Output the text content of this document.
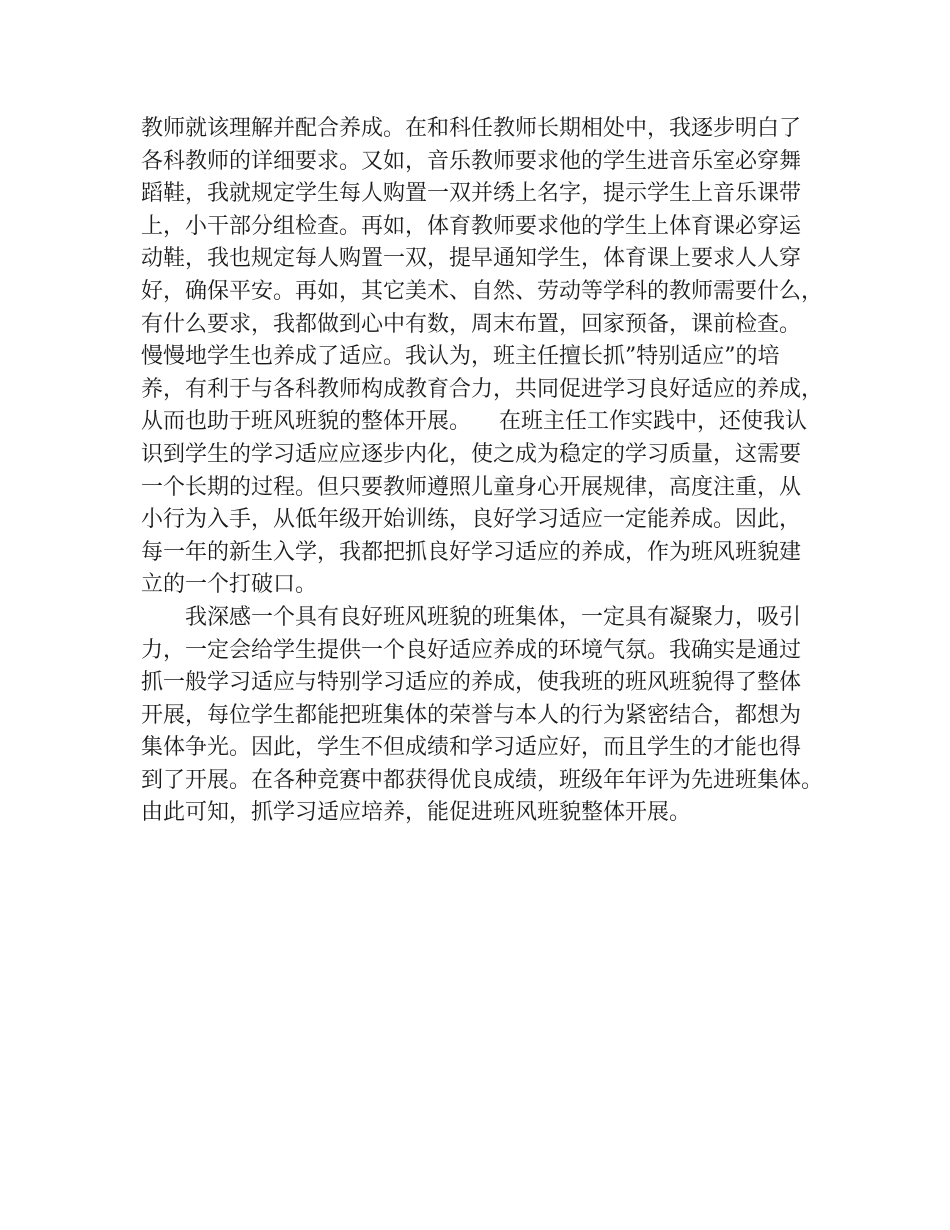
教师就该理解并配合养成。在和科任教师长期相处中，我逐步明白了
各科教师的详细要求。又如，音乐教师要求他的学生进音乐室必穿舞
蹈鞋，我就规定学生每人购置一双并绣上名字，提示学生上音乐课带
上，小干部分组检查。再如，体育教师要求他的学生上体育课必穿运
动鞋，我也规定每人购置一双，提早通知学生，体育课上要求人人穿
好，确保平安。再如，其它美术、自然、劳动等学科的教师需要什么，
有什么要求，我都做到心中有数，周末布置，回家预备，课前检查。
慢慢地学生也养成了适应。我认为，班主任擅长抓”特别适应”的培
养，有利于与各科教师构成教育合力，共同促进学习良好适应的养成，
从而也助于班风班貌的整体开展。    在班主任工作实践中，还使我认
识到学生的学习适应应逐步内化，使之成为稳定的学习质量，这需要
一个长期的过程。但只要教师遵照儿童身心开展规律，高度注重，从
小行为入手，从低年级开始训练，良好学习适应一定能养成。因此，
每一年的新生入学，我都把抓良好学习适应的养成，作为班风班貌建
立的一个打破口。
我深感一个具有良好班风班貌的班集体，一定具有凝聚力，吸引
力，一定会给学生提供一个良好适应养成的环境气氛。我确实是通过
抓一般学习适应与特别学习适应的养成，使我班的班风班貌得了整体
开展，每位学生都能把班集体的荣誉与本人的行为紧密结合，都想为
集体争光。因此，学生不但成绩和学习适应好，而且学生的才能也得
到了开展。在各种竞赛中都获得优良成绩，班级年年评为先进班集体。
由此可知，抓学习适应培养，能促进班风班貌整体开展。
